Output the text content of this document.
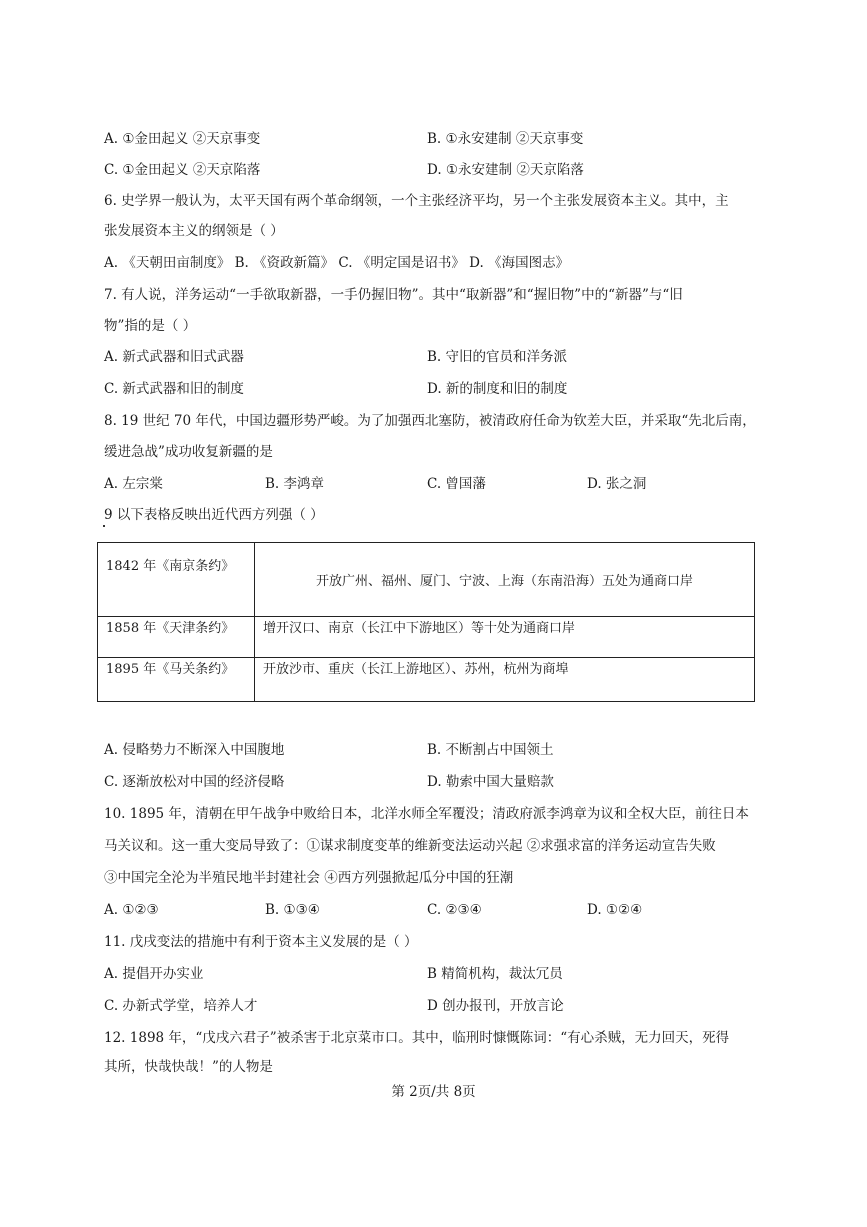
A. ①金田起义 ②天京事变	B. ①永安建制 ②天京事变
C. ①金田起义 ②天京陷落	D. ①永安建制 ②天京陷落
6. 史学界一般认为，太平天国有两个革命纲领，一个主张经济平均，另一个主张发展资本主义。其中，主
张发展资本主义的纲领是（ ）
A. 《天朝田亩制度》 B. 《资政新篇》 C. 《明定国是诏书》 D. 《海国图志》
7. 有人说，洋务运动“一手欲取新器，一手仍握旧物”。其中“取新器”和“握旧物”中的“新器”与“旧
物”指的是（ ）
A. 新式武器和旧式武器	B. 守旧的官员和洋务派
C. 新式武器和旧的制度	D. 新的制度和旧的制度
8. 19 世纪 70 年代，中国边疆形势严峻。为了加强西北塞防，被清政府任命为钦差大臣，并采取“先北后南，
缓进急战”成功收复新疆的是
A. 左宗棠	B. 李鸿章	C. 曾国藩	D. 张之洞
9 以下表格反映出近代西方列强（ ）
1842 年《南京条约》	开放广州、福州、厦门、宁波、上海（东南沿海）五处为通商口岸
1858 年《天津条约》	增开汉口、南京（长江中下游地区）等十处为通商口岸
1895 年《马关条约》	开放沙市、重庆（长江上游地区）、苏州，杭州为商埠
A. 侵略势力不断深入中国腹地	B. 不断割占中国领土
C. 逐渐放松对中国的经济侵略	D. 勒索中国大量赔款
10. 1895 年，清朝在甲午战争中败给日本，北洋水师全军覆没；清政府派李鸿章为议和全权大臣，前往日本
马关议和。这一重大变局导致了：①谋求制度变革的维新变法运动兴起 ②求强求富的洋务运动宣告失败
③中国完全沦为半殖民地半封建社会 ④西方列强掀起瓜分中国的狂潮
A. ①②③	B. ①③④	C. ②③④	D. ①②④
11. 戊戌变法的措施中有利于资本主义发展的是（ ）
A. 提倡开办实业	B 精简机构，裁汰冗员
C. 办新式学堂，培养人才	D 创办报刊，开放言论
12. 1898 年，“戊戌六君子”被杀害于北京菜市口。其中，临刑时慷慨陈词：“有心杀贼，无力回天，死得
其所，快哉快哉！”的人物是
第 2页/共 8页
